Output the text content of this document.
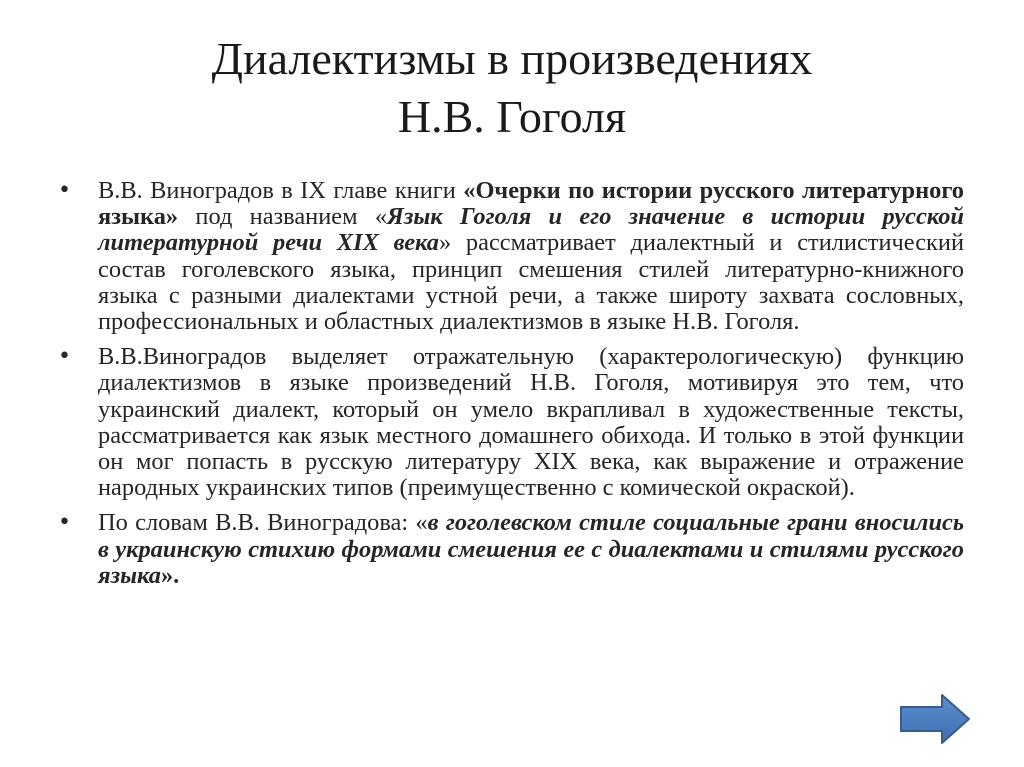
Диалектизмы в произведениях
Н.В. Гоголя
• В.В. Виноградов в IX главе книги «Очерки по истории русского литературного языка» под названием «Язык Гоголя и его значение в истории русской литературной речи XIX века» рассматривает диалектный и стилистический состав гоголевского языка, принцип смешения стилей литературно-книжного языка с разными диалектами устной речи, а также широту захвата сословных, профессиональных и областных диалектизмов в языке Н.В. Гоголя.
• В.В.Виноградов выделяет отражательную (характерологическую) функцию диалектизмов в языке произведений Н.В. Гоголя, мотивируя это тем, что украинский диалект, который он умело вкрапливал в художественные тексты, рассматривается как язык местного домашнего обихода. И только в этой функции он мог попасть в русскую литературу XIX века, как выражение и отражение народных украинских типов (преимущественно с комической окраской).
• По словам В.В. Виноградова: «в гоголевском стиле социальные грани вносились в украинскую стихию формами смешения ее с диалектами и стилями русского языка».
